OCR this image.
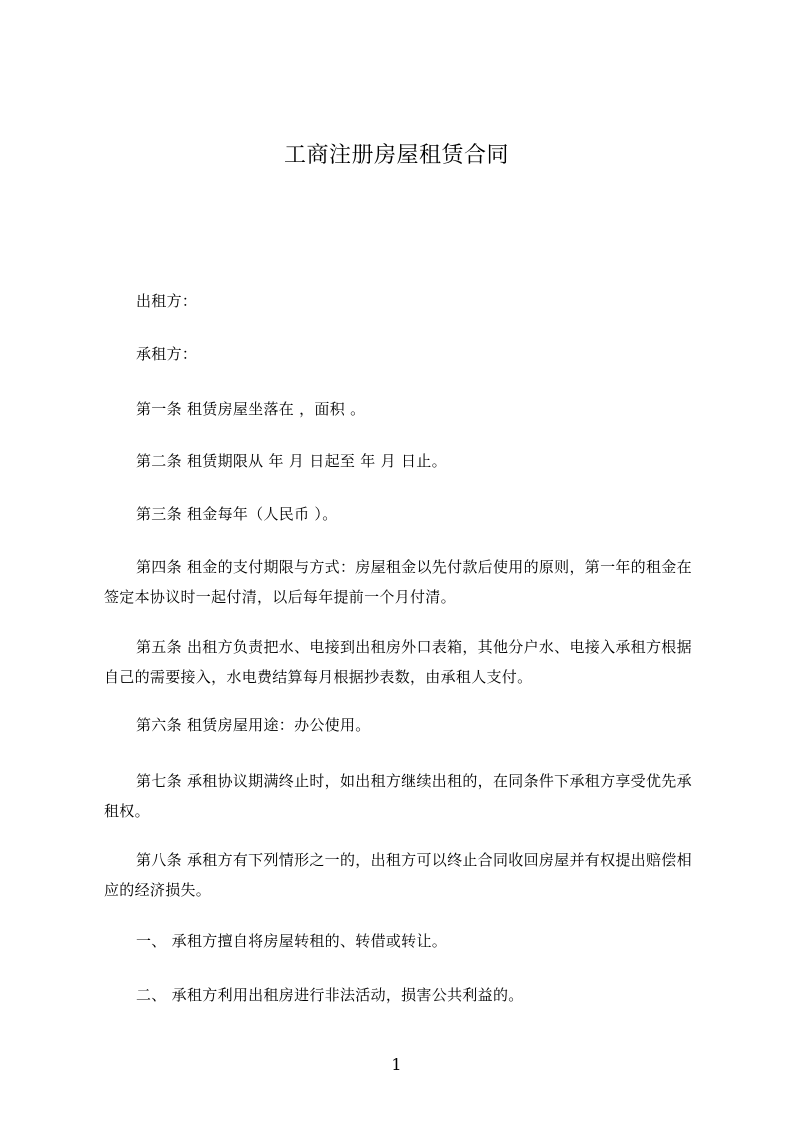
工商注册房屋租赁合同
出租方：
承租方：
第一条 租赁房屋坐落在 ，面积 。
第二条 租赁期限从 年 月 日起至 年 月 日止。
第三条 租金每年（人民币 ）。
第四条 租金的支付期限与方式：房屋租金以先付款后使用的原则，第一年的租金在签定本协议时一起付清，以后每年提前一个月付清。
第五条 出租方负责把水、电接到出租房外口表箱，其他分户水、电接入承租方根据自己的需要接入，水电费结算每月根据抄表数，由承租人支付。
第六条 租赁房屋用途：办公使用。
第七条 承租协议期满终止时，如出租方继续出租的，在同条件下承租方享受优先承租权。
第八条 承租方有下列情形之一的，出租方可以终止合同收回房屋并有权提出赔偿相应的经济损失。
一、 承租方擅自将房屋转租的、转借或转让。
二、 承租方利用出租房进行非法活动，损害公共利益的。
1
